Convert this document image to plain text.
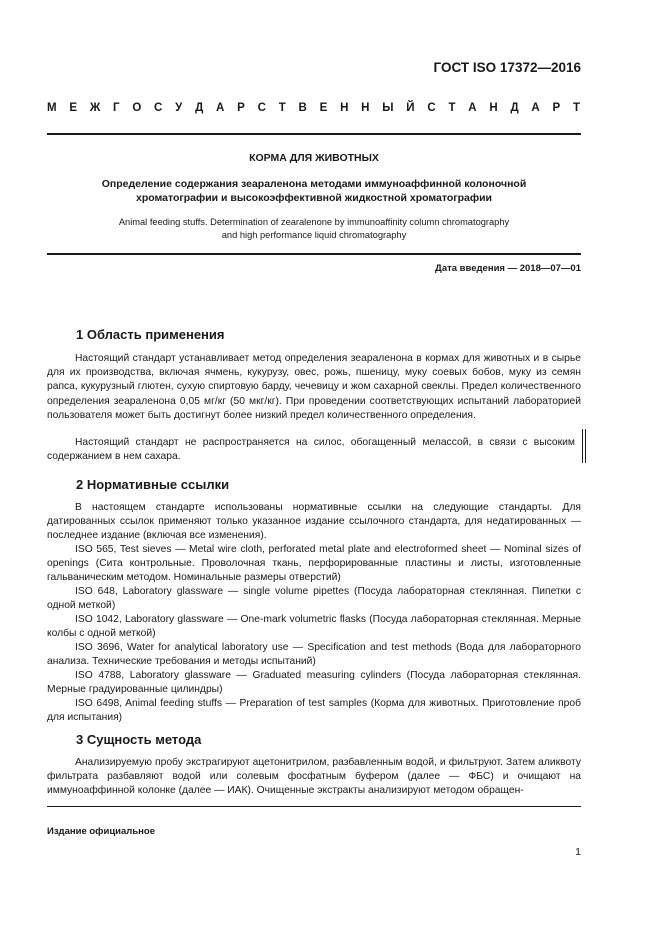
ГОСТ ISO 17372—2016
М Е Ж Г О С У Д А Р С Т В Е Н Н Ы Й С Т А Н Д А Р Т
КОРМА ДЛЯ ЖИВОТНЫХ
Определение содержания зеараленона методами иммуноаффинной колоночной
хроматографии и высокоэффективной жидкостной хроматографии
Animal feeding stuffs. Determination of zearalenone by immunoaffinity column chromatography
and high performance liquid chromatography
Дата введения — 2018—07—01
1 Область применения

Настоящий стандарт устанавливает метод определения зеараленона в кормах для животных и в сырье для их производства, включая ячмень, кукурузу, овес, рожь, пшеницу, муку соевых бобов, муку из семян рапса, кукурузный глютен, сухую спиртовую барду, чечевицу и жом сахарной свеклы. Предел количественного определения зеараленона 0,05 мг/кг (50 мкг/кг). При проведении соответствующих испытаний лабораторией пользователя может быть достигнут более низкий предел количественного определения.

Настоящий стандарт не распространяется на силос, обогащенный мелассой, в связи с высоким содержанием в нем сахара.

2 Нормативные ссылки

В настоящем стандарте использованы нормативные ссылки на следующие стандарты. Для датированных ссылок применяют только указанное издание ссылочного стандарта, для недатированных — последнее издание (включая все изменения).

ISO 565, Test sieves — Metal wire cloth, perforated metal plate and electroformed sheet — Nominal sizes of openings (Сита контрольные. Проволочная ткань, перфорированные пластины и листы, изготовленные гальваническим методом. Номинальные размеры отверстий)

ISO 648, Laboratory glassware — single volume pipettes (Посуда лабораторная стеклянная. Пипетки с одной меткой)

ISO 1042, Laboratory glassware — One-mark volumetric flasks (Посуда лабораторная стеклянная. Мерные колбы с одной меткой)

ISO 3696, Water for analytical laboratory use — Specification and test methods (Вода для лабораторного анализа. Технические требования и методы испытаний)

ISO 4788, Laboratory glassware — Graduated measuring cylinders (Посуда лабораторная стеклянная. Мерные градуированные цилиндры)

ISO 6498, Animal feeding stuffs — Preparation of test samples (Корма для животных. Приготовление проб для испытания)

3 Сущность метода

Анализируемую пробу экстрагируют ацетонитрилом, разбавленным водой, и фильтруют. Затем аликвоту фильтрата разбавляют водой или солевым фосфатным буфером (далее — ФБС) и очищают на иммуноаффинной колонке (далее — ИАК). Очищенные экстракты анализируют методом обращен-

Издание официальное
1
